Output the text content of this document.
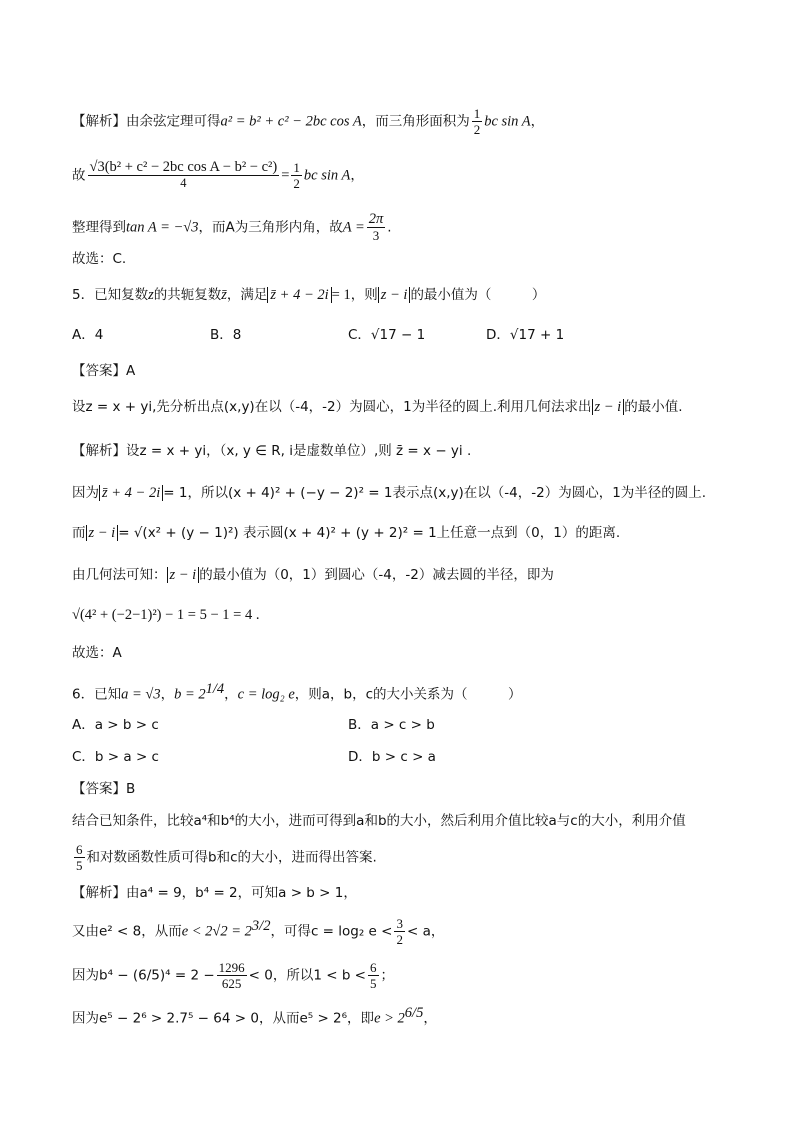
【解析】由余弦定理可得a² = b² + c² − 2bc cos A，而三角形面积为 $\frac{1}{2}$ bc sin A，
故 $\frac{\text{√3(b² + c² − 2bc cos A − b² − c²)}}{4} = \frac{1}{2}$ bc sin A，
整理得到tan A = −√3，而A为三角形内角，故$A = \frac{2\pi}{3}$ .
故选：C.
5．已知复数z的共轭复数z̄，满足 z̄ + 4 − 2i = 1，则 z − i 的最小值为（　　　）
A．4	B．8	C．√17 − 1	D．√17 + 1
【答案】A
设z = x + yi,先分析出点(x,y)在以（-4，-2）为圆心，1为半径的圆上.利用几何法求出 z − i 的最小值.
【解析】设z = x + yi，（x, y ∈ R, i是虚数单位）,则 z̄ = x − yi .
因为 z̄ + 4 − 2i = 1，所以(x + 4)² + (−y − 2)² = 1表示点(x,y)在以（-4，-2）为圆心，1为半径的圆上.
而 z − i = √(x² + (y − 1)²) 表示圆(x + 4)² + (y + 2)² = 1上任意一点到（0，1）的距离.
由几何法可知： z − i 的最小值为（0，1）到圆心（-4，-2）减去圆的半径，即为
√(4² + (−2−1)²) − 1 = 5 − 1 = 4 .
故选：A
6．已知a = √3，$b = 2^{1/4}$，c = log₂ e，则a，b，c的大小关系为（　　　）
A．a > b > c	B．a > c > b
C．b > a > c	D．b > c > a
【答案】B
结合已知条件，比较a⁴和b⁴的大小，进而可得到a和b的大小，然后利用介值比较a与c的大小，利用介值
$\frac{6}{5}$ 和对数函数性质可得b和c的大小，进而得出答案.
【解析】由a⁴ = 9，b⁴ = 2，可知a > b > 1，
又由e² < 8，从而$e < 2√2 = 2^{3/2}$，可得c = log₂ $e < \frac{3}{2} < a$，
因为$b^4 - (6/5)^4 = 2 - \frac{1296}{625} < 0$，所以$1 < b < \frac{6}{5}$ ；
因为e⁵ − 2⁶ > 2.7⁵ − 64 > 0，从而e⁵ > 2⁶，即$e > 2^{6/5}$，
